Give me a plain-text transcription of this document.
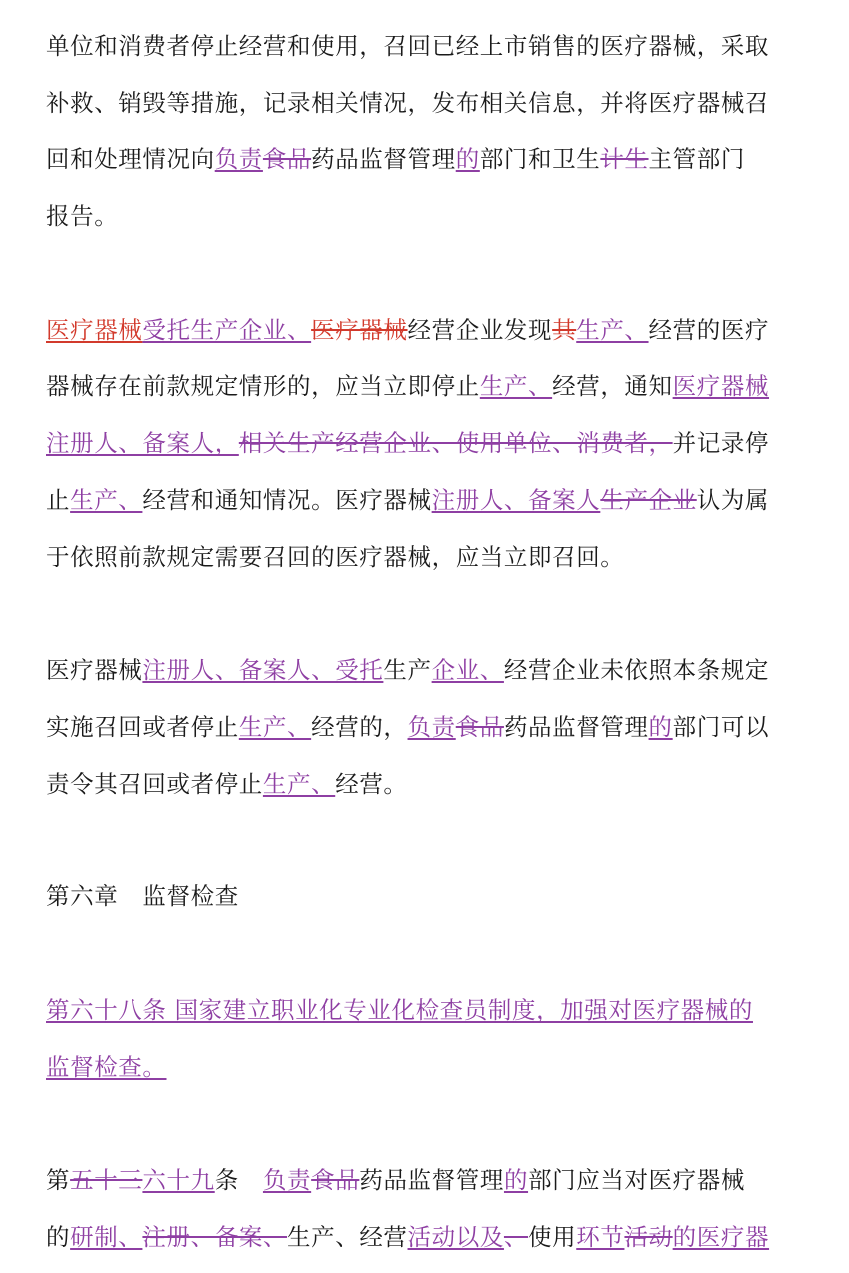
单位和消费者停止经营和使用，召回已经上市销售的医疗器械，采取
补救、销毁等措施，记录相关情况，发布相关信息，并将医疗器械召
回和处理情况向负责食品药品监督管理的部门和卫生计生主管部门
报告。
医疗器械受托生产企业、医疗器械经营企业发现其生产、经营的医疗
器械存在前款规定情形的，应当立即停止生产、经营，通知医疗器械
注册人、备案人，相关生产经营企业、使用单位、消费者，并记录停
止生产、经营和通知情况。医疗器械注册人、备案人生产企业认为属
于依照前款规定需要召回的医疗器械，应当立即召回。
医疗器械注册人、备案人、受托生产企业、经营企业未依照本条规定
实施召回或者停止生产、经营的，负责食品药品监督管理的部门可以
责令其召回或者停止生产、经营。
第六章　监督检查
第六十八条 国家建立职业化专业化检查员制度，加强对医疗器械的
监督检查。
第五十三六十九条　负责食品药品监督管理的部门应当对医疗器械
的研制、注册、备案、生产、经营活动以及、使用环节活动的医疗器
